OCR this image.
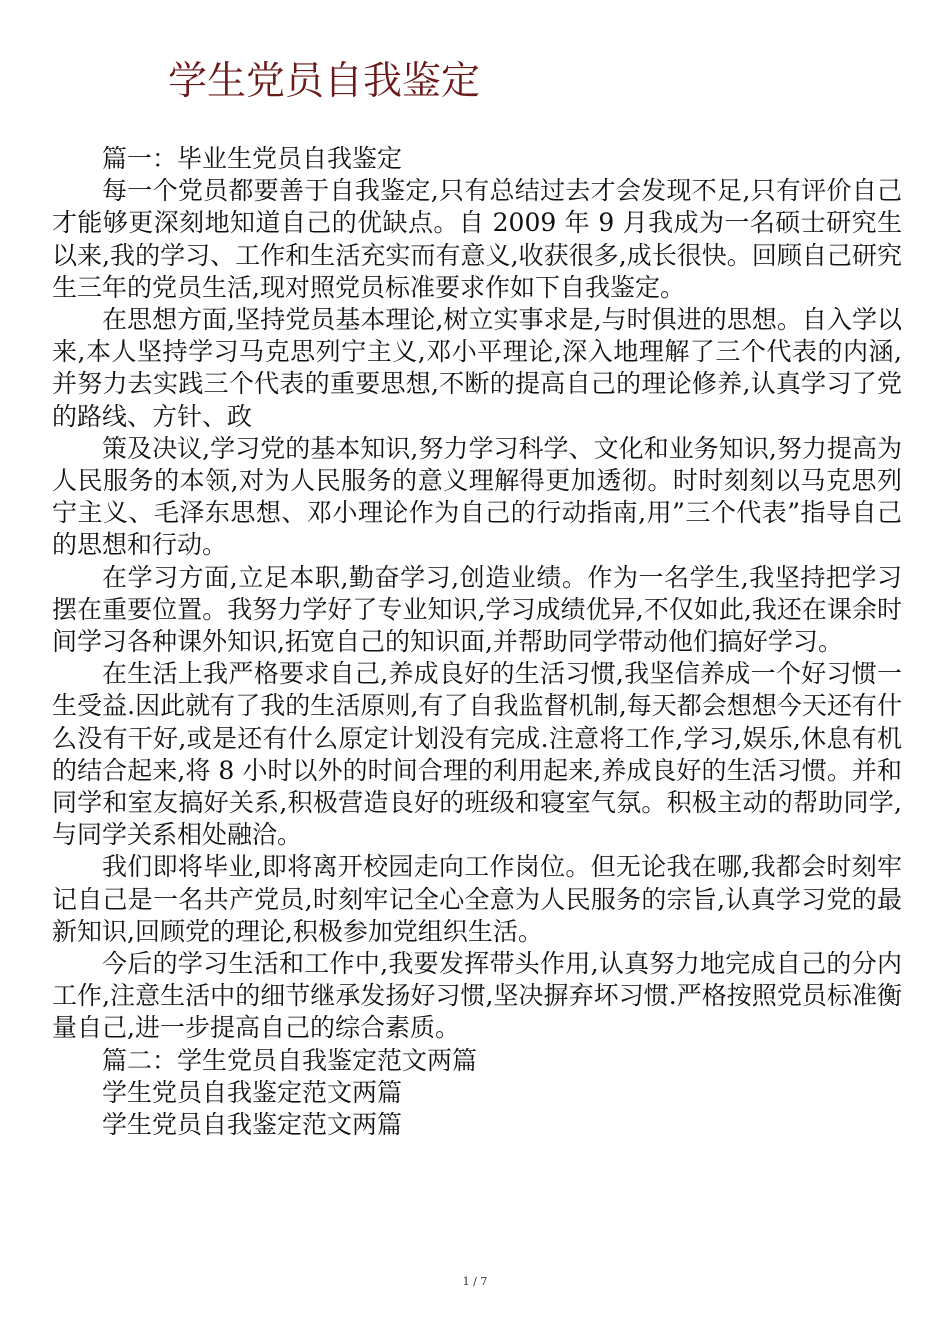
学生党员自我鉴定

篇一：毕业生党员自我鉴定

每一个党员都要善于自我鉴定,只有总结过去才会发现不足,只有评价自己才能够更深刻地知道自己的优缺点。自 2009 年 9 月我成为一名硕士研究生以来,我的学习、工作和生活充实而有意义,收获很多,成长很快。回顾自己研究生三年的党员生活,现对照党员标准要求作如下自我鉴定。

在思想方面,坚持党员基本理论,树立实事求是,与时俱进的思想。自入学以来,本人坚持学习马克思列宁主义,邓小平理论,深入地理解了三个代表的内涵,并努力去实践三个代表的重要思想,不断的提高自己的理论修养,认真学习了党的路线、方针、政

策及决议,学习党的基本知识,努力学习科学、文化和业务知识,努力提高为人民服务的本领,对为人民服务的意义理解得更加透彻。时时刻刻以马克思列宁主义、毛泽东思想、邓小理论作为自己的行动指南,用”三个代表”指导自己的思想和行动。

在学习方面,立足本职,勤奋学习,创造业绩。作为一名学生,我坚持把学习摆在重要位置。我努力学好了专业知识,学习成绩优异,不仅如此,我还在课余时间学习各种课外知识,拓宽自己的知识面,并帮助同学带动他们搞好学习。

在生活上我严格要求自己,养成良好的生活习惯,我坚信养成一个好习惯一生受益.因此就有了我的生活原则,有了自我监督机制,每天都会想想今天还有什么没有干好,或是还有什么原定计划没有完成.注意将工作,学习,娱乐,休息有机的结合起来,将 8 小时以外的时间合理的利用起来,养成良好的生活习惯。并和同学和室友搞好关系,积极营造良好的班级和寝室气氛。积极主动的帮助同学,与同学关系相处融洽。

我们即将毕业,即将离开校园走向工作岗位。但无论我在哪,我都会时刻牢记自己是一名共产党员,时刻牢记全心全意为人民服务的宗旨,认真学习党的最新知识,回顾党的理论,积极参加党组织生活。

今后的学习生活和工作中,我要发挥带头作用,认真努力地完成自己的分内工作,注意生活中的细节继承发扬好习惯,坚决摒弃坏习惯.严格按照党员标准衡量自己,进一步提高自己的综合素质。

篇二：学生党员自我鉴定范文两篇

学生党员自我鉴定范文两篇

学生党员自我鉴定范文两篇

1 / 7
